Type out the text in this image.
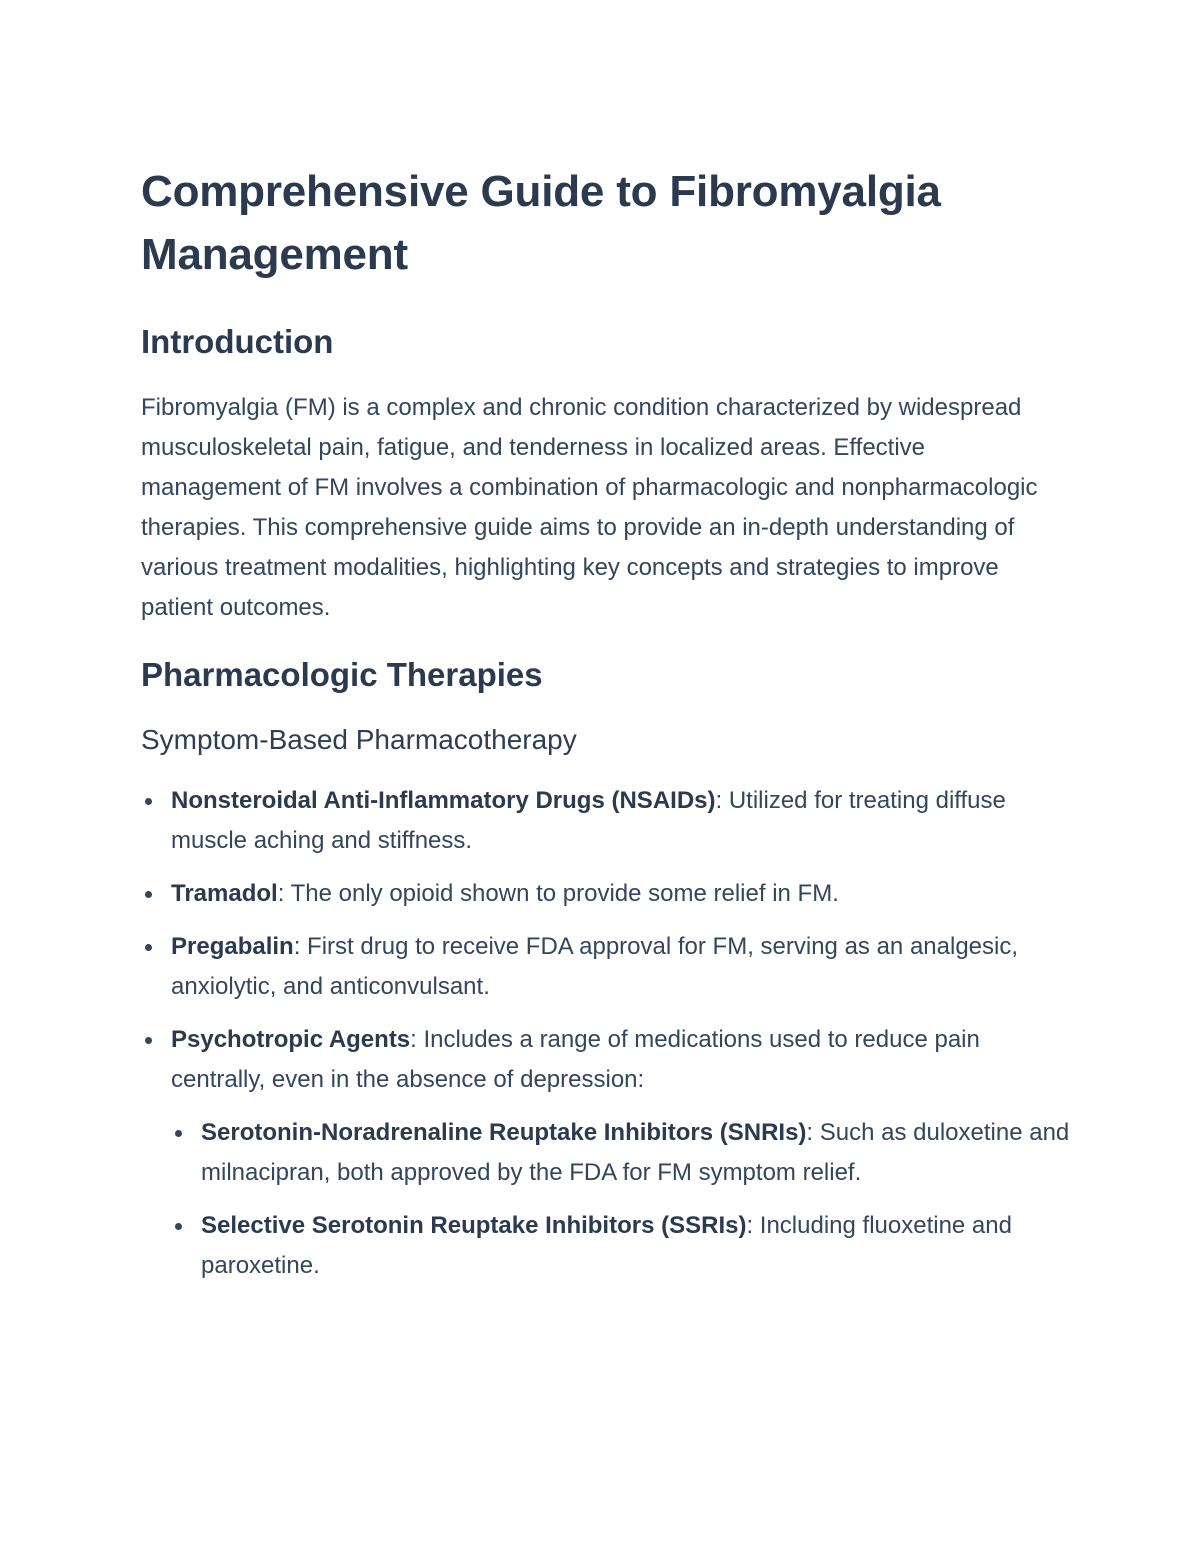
Comprehensive Guide to Fibromyalgia Management
Introduction

Fibromyalgia (FM) is a complex and chronic condition characterized by widespread musculoskeletal pain, fatigue, and tenderness in localized areas. Effective management of FM involves a combination of pharmacologic and nonpharmacologic therapies. This comprehensive guide aims to provide an in-depth understanding of various treatment modalities, highlighting key concepts and strategies to improve patient outcomes.

Pharmacologic Therapies
Symptom-Based Pharmacotherapy
Nonsteroidal Anti-Inflammatory Drugs (NSAIDs): Utilized for treating diffuse muscle aching and stiffness.
Tramadol: The only opioid shown to provide some relief in FM.
Pregabalin: First drug to receive FDA approval for FM, serving as an analgesic, anxiolytic, and anticonvulsant.
Psychotropic Agents: Includes a range of medications used to reduce pain centrally, even in the absence of depression:
Serotonin-Noradrenaline Reuptake Inhibitors (SNRIs): Such as duloxetine and milnacipran, both approved by the FDA for FM symptom relief.
Selective Serotonin Reuptake Inhibitors (SSRIs): Including fluoxetine and paroxetine.
